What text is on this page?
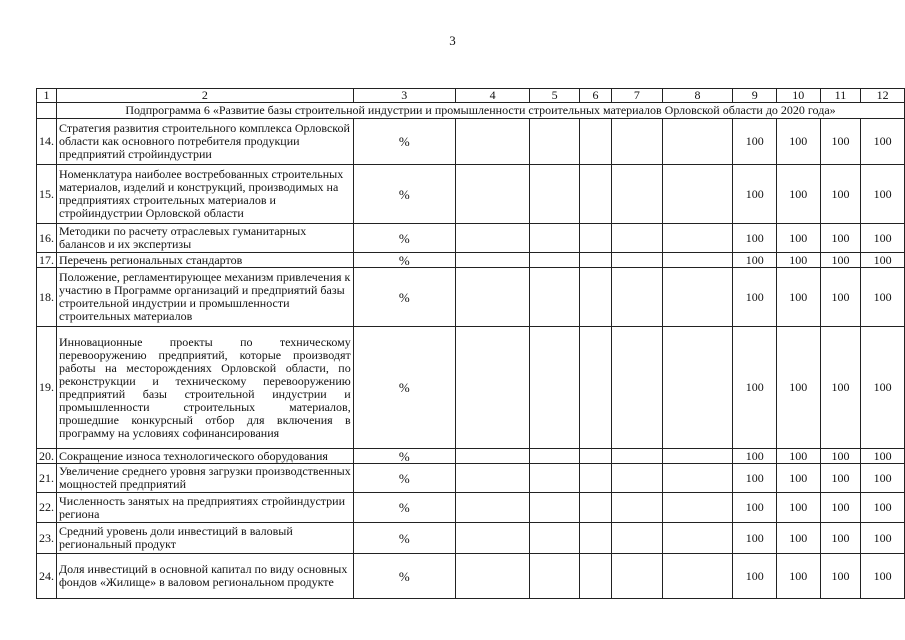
3
1	2	3	4	5	6	7	8	9	10	11	12
	Подпрограмма 6 «Развитие базы строительной индустрии и промышленности строительных материалов Орловской области до 2020 года»										
14.	Стратегия развития строительного комплекса Орловской области как основного потребителя продукции предприятий стройиндустрии	%						100	100	100	100
15.	Номенклатура наиболее востребованных строительных материалов, изделий и конструкций, производимых на предприятиях строительных материалов и стройиндустрии Орловской области	%						100	100	100	100
16.	Методики по расчету отраслевых гуманитарных балансов и их экспертизы	%						100	100	100	100
17.	Перечень региональных стандартов	%						100	100	100	100
18.	Положение, регламентирующее механизм привлечения к участию в Программе организаций и предприятий базы строительной индустрии и промышленности строительных материалов	%						100	100	100	100
19.	Инновационные проекты по техническому перевооружению предприятий, которые производят работы на месторождениях Орловской области, по реконструкции и техническому перевооружению предприятий базы строительной индустрии и промышленности строительных материалов, прошедшие конкурсный отбор для включения в программу на условиях софинансирования	%						100	100	100	100
20.	Сокращение износа технологического оборудования	%						100	100	100	100
21.	Увеличение среднего уровня загрузки производственных мощностей предприятий	%						100	100	100	100
22.	Численность занятых на предприятиях стройиндустрии региона	%						100	100	100	100
23.	Средний уровень доли инвестиций в валовый региональный продукт	%						100	100	100	100
24.	Доля инвестиций в основной капитал по виду основных фондов «Жилище» в валовом региональном продукте	%						100	100	100	100
